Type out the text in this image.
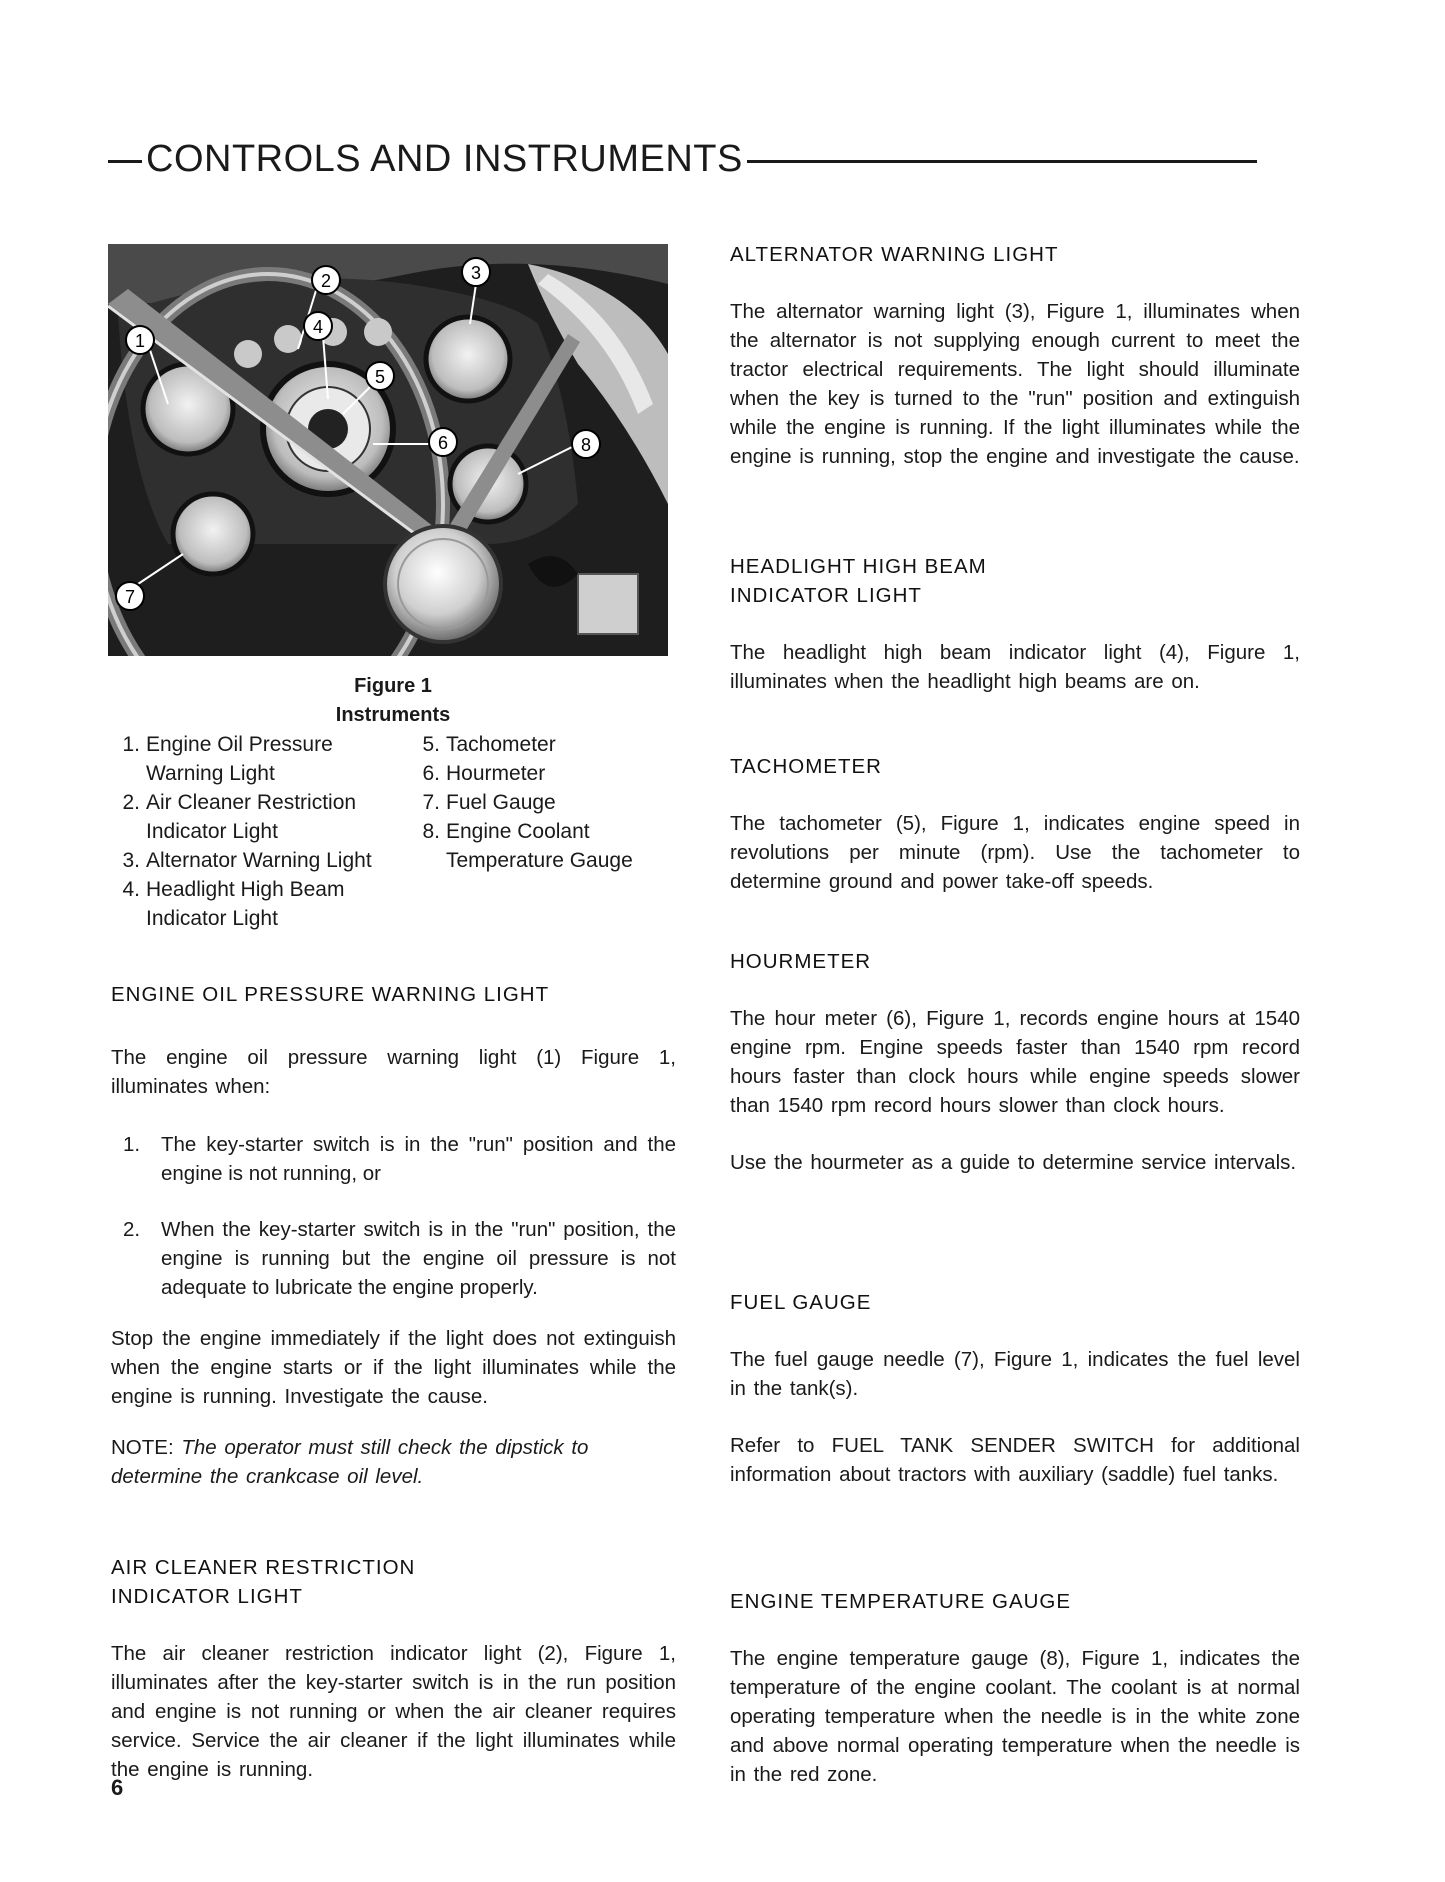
CONTROLS AND INSTRUMENTS
1
2	3
4
5
6
7
8
Figure 1
Instruments
1. Engine Oil Pressure Warning Light
2. Air Cleaner Restriction Indicator Light
3. Alternator Warning Light
4. Headlight High Beam Indicator Light
5. Tachometer
6. Hourmeter
7. Fuel Gauge
8. Engine Coolant Temperature Gauge
ENGINE OIL PRESSURE WARNING LIGHT

The engine oil pressure warning light (1) Figure 1, illuminates when:

1.	The key-starter switch is in the "run" position and the engine is not running, or
2.	When the key-starter switch is in the "run" position, the engine is running but the engine oil pressure is not adequate to lubricate the engine properly.

Stop the engine immediately if the light does not extinguish when the engine starts or if the light illuminates while the engine is running. Investigate the cause.

NOTE: The operator must still check the dipstick to determine the crankcase oil level.

AIR CLEANER RESTRICTION
INDICATOR LIGHT

The air cleaner restriction indicator light (2), Figure 1, illuminates after the key-starter switch is in the run position and engine is not running or when the air cleaner requires service. Service the air cleaner if the light illuminates while the engine is running.

ALTERNATOR WARNING LIGHT

The alternator warning light (3), Figure 1, illuminates when the alternator is not supplying enough current to meet the tractor electrical requirements. The light should illuminate when the key is turned to the "run" position and extinguish while the engine is running. If the light illuminates while the engine is running, stop the engine and investigate the cause.

HEADLIGHT HIGH BEAM
INDICATOR LIGHT

The headlight high beam indicator light (4), Figure 1, illuminates when the headlight high beams are on.

TACHOMETER

The tachometer (5), Figure 1, indicates engine speed in revolutions per minute (rpm). Use the tachometer to determine ground and power take-off speeds.

HOURMETER

The hour meter (6), Figure 1, records engine hours at 1540 engine rpm. Engine speeds faster than 1540 rpm record hours faster than clock hours while engine speeds slower than 1540 rpm record hours slower than clock hours.

Use the hourmeter as a guide to determine service intervals.

FUEL GAUGE

The fuel gauge needle (7), Figure 1, indicates the fuel level in the tank(s).

Refer to FUEL TANK SENDER SWITCH for additional information about tractors with auxiliary (saddle) fuel tanks.

ENGINE TEMPERATURE GAUGE

The engine temperature gauge (8), Figure 1, indicates the temperature of the engine coolant. The coolant is at normal operating temperature when the needle is in the white zone and above normal operating temperature when the needle is in the red zone.

6
